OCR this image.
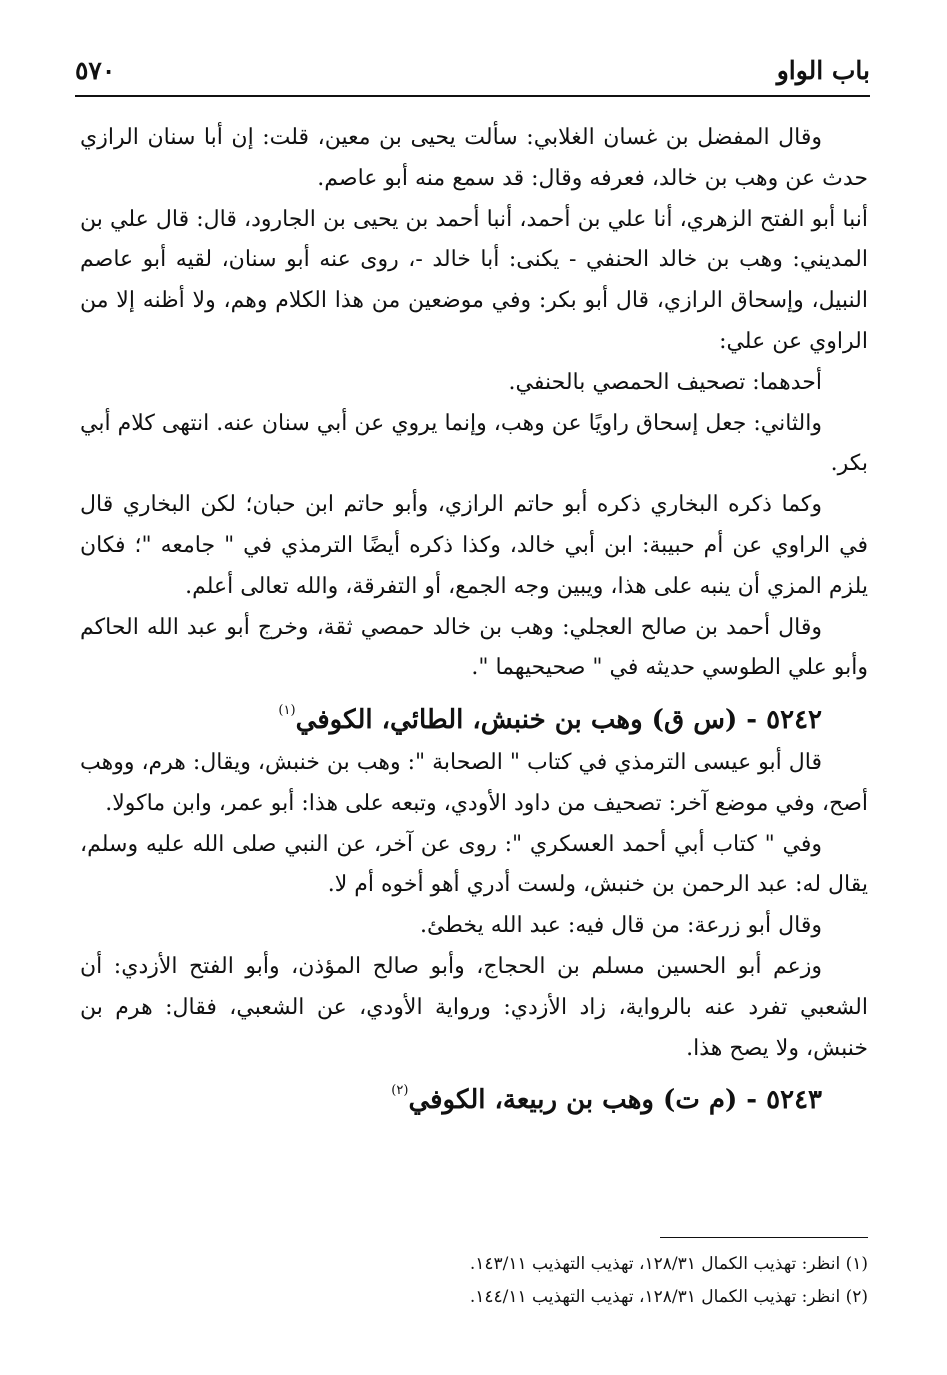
باب الواو
٥٧٠

وقال المفضل بن غسان الغلابي: سألت يحيى بن معين، قلت: إن أبا سنان الرازي حدث عن وهب بن خالد، فعرفه وقال: قد سمع منه أبو عاصم.

أنبا أبو الفتح الزهري، أنا علي بن أحمد، أنبا أحمد بن يحيى بن الجارود، قال: قال علي بن المديني: وهب بن خالد الحنفي - يكنى: أبا خالد -، روى عنه أبو سنان، لقيه أبو عاصم النبيل، وإسحاق الرازي، قال أبو بكر: وفي موضعين من هذا الكلام وهم، ولا أظنه إلا من الراوي عن علي:

أحدهما: تصحيف الحمصي بالحنفي.

والثاني: جعل إسحاق راويًا عن وهب، وإنما يروي عن أبي سنان عنه. انتهى كلام أبي بكر.

وكما ذكره البخاري ذكره أبو حاتم الرازي، وأبو حاتم ابن حبان؛ لكن البخاري قال في الراوي عن أم حبيبة: ابن أبي خالد، وكذا ذكره أيضًا الترمذي في " جامعه "؛ فكان يلزم المزي أن ينبه على هذا، ويبين وجه الجمع، أو التفرقة، والله تعالى أعلم.

وقال أحمد بن صالح العجلي: وهب بن خالد حمصي ثقة، وخرج أبو عبد الله الحاكم وأبو علي الطوسي حديثه في " صحيحيهما ".

٥٢٤٢ - (س ق) وهب بن خنبش، الطائي، الكوفي$^{(١)}$

قال أبو عيسى الترمذي في كتاب " الصحابة ": وهب بن خنبش، ويقال: هرم، ووهب أصح، وفي موضع آخر: تصحيف من داود الأودي، وتبعه على هذا: أبو عمر، وابن ماكولا.

وفي " كتاب أبي أحمد العسكري ": روى عن آخر، عن النبي صلى الله عليه وسلم، يقال له: عبد الرحمن بن خنبش، ولست أدري أهو أخوه أم لا.

وقال أبو زرعة: من قال فيه: عبد الله يخطئ.

وزعم أبو الحسين مسلم بن الحجاج، وأبو صالح المؤذن، وأبو الفتح الأزدي: أن الشعبي تفرد عنه بالرواية، زاد الأزدي: ورواية الأودي، عن الشعبي، فقال: هرم بن خنبش، ولا يصح هذا.

٥٢٤٣ - (م ت) وهب بن ربيعة، الكوفي$^{(٢)}$
(١) انظر: تهذيب الكمال ١٢٨/٣١، تهذيب التهذيب ١٤٣/١١.
(٢) انظر: تهذيب الكمال ١٢٨/٣١، تهذيب التهذيب ١٤٤/١١.
